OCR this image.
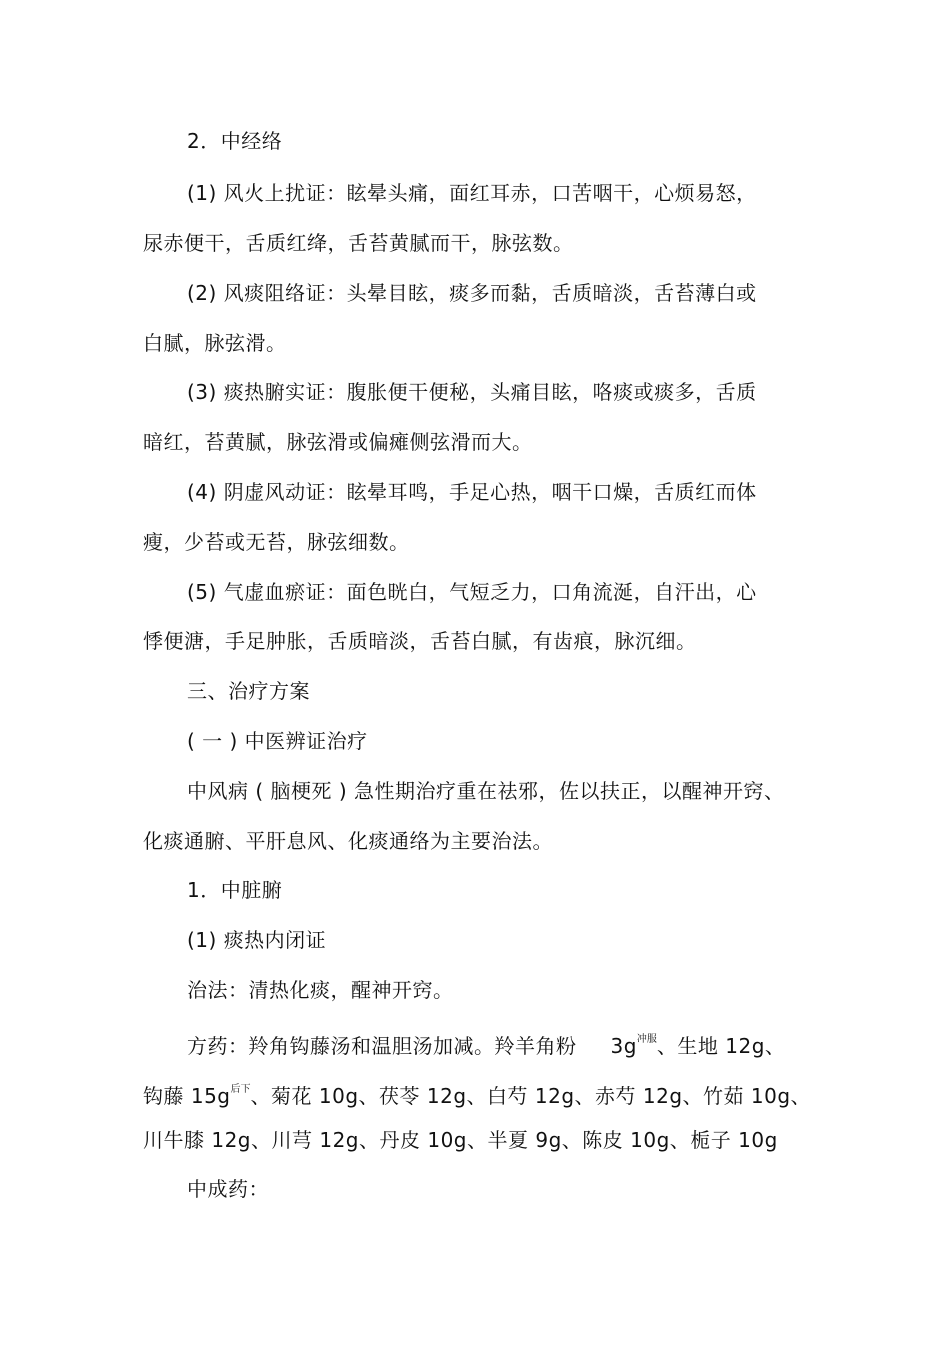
2．中经络
(1) 风火上扰证：眩晕头痛，面红耳赤，口苦咽干，心烦易怒，
尿赤便干，舌质红绛，舌苔黄腻而干，脉弦数。
(2) 风痰阻络证：头晕目眩，痰多而黏，舌质暗淡，舌苔薄白或
白腻，脉弦滑。
(3) 痰热腑实证：腹胀便干便秘，头痛目眩，咯痰或痰多，舌质
暗红，苔黄腻，脉弦滑或偏瘫侧弦滑而大。
(4) 阴虚风动证：眩晕耳鸣，手足心热，咽干口燥，舌质红而体
瘦，少苔或无苔，脉弦细数。
(5) 气虚血瘀证：面色晄白，气短乏力，口角流涎，自汗出，心
悸便溏，手足肿胀，舌质暗淡，舌苔白腻，有齿痕，脉沉细。
三、治疗方案
( 一 ) 中医辨证治疗
中风病 ( 脑梗死 ) 急性期治疗重在祛邪，佐以扶正，以醒神开窍、
化痰通腑、平肝息风、化痰通络为主要治法。
1．中脏腑
(1) 痰热内闭证
治法：清热化痰，醒神开窍。
方药：羚角钩藤汤和温胆汤加减。羚羊角粉 $3g^{冲服}$、生地 12g、
钩藤 $15g^{后下}$、菊花 10g、茯苓 12g、白芍 12g、赤芍 12g、竹茹 10g、
川牛膝 12g、川芎 12g、丹皮 10g、半夏 9g、陈皮 10g、栀子 10g
中成药：
